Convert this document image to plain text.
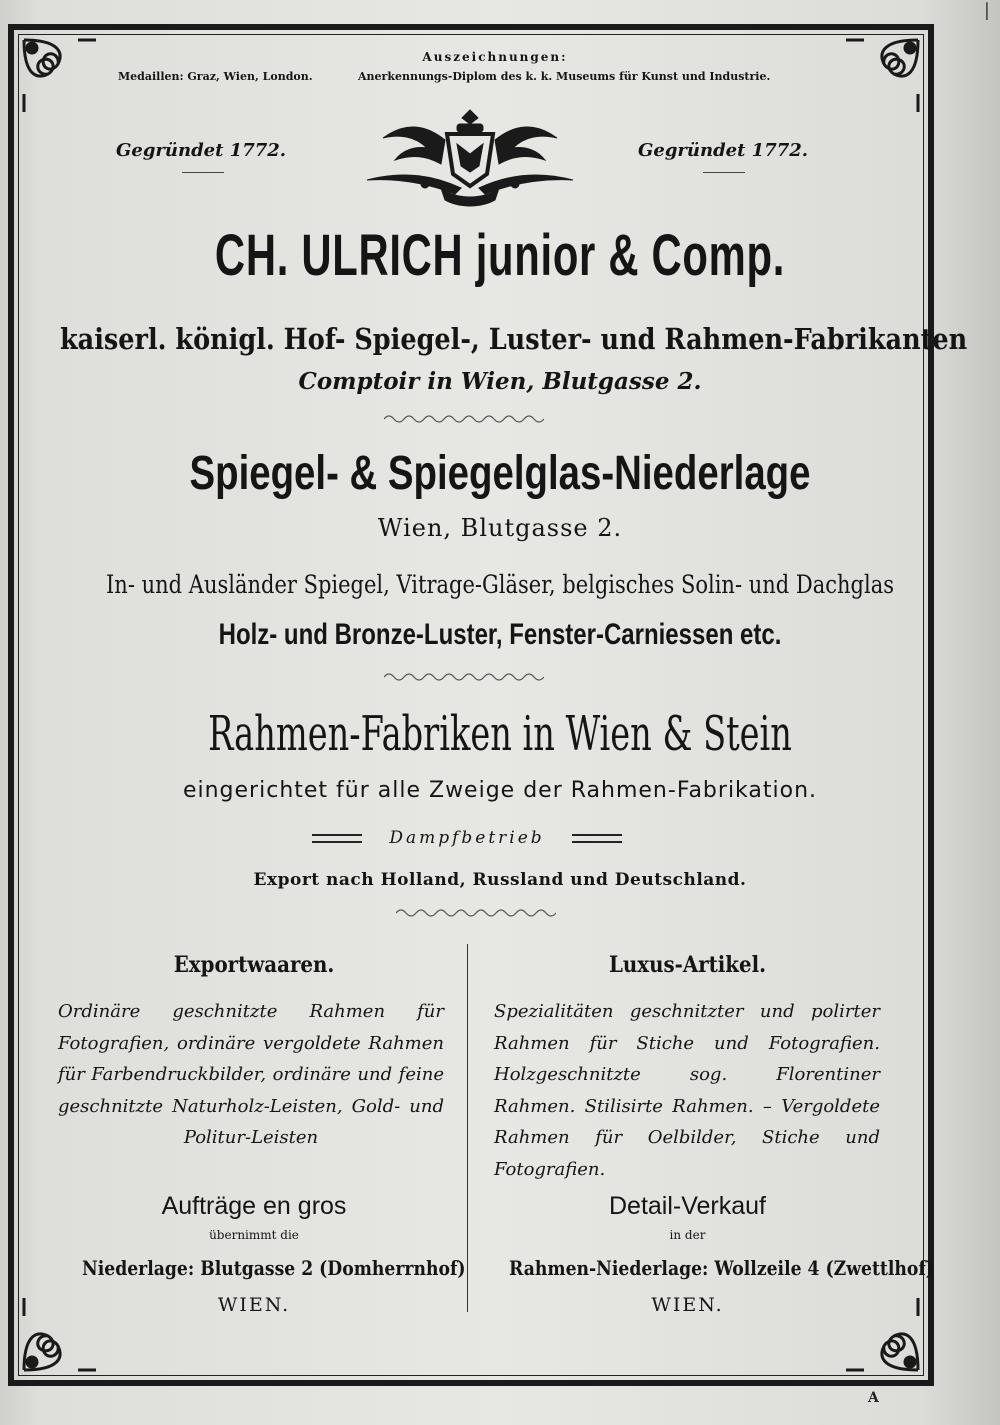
|
Auszeichnungen:
Medaillen: Graz, Wien, London.	Anerkennungs-Diplom des k. k. Museums für Kunst und Industrie.
Gegründet 1772.	Gegründet 1772.
CH. ULRICH junior & Comp.
kaiserl. königl. Hof- Spiegel-, Luster- und Rahmen-Fabrikanten
Comptoir in Wien, Blutgasse 2.
Spiegel- & Spiegelglas-Niederlage
Wien, Blutgasse 2.
In- und Ausländer Spiegel, Vitrage-Gläser, belgisches Solin- und Dachglas
Holz- und Bronze-Luster, Fenster-Carniessen etc.
Rahmen-Fabriken in Wien & Stein
eingerichtet für alle Zweige der Rahmen-Fabrikation.
Dampfbetrieb
Export nach Holland, Russland und Deutschland.
Exportwaaren.	Luxus-Artikel.
Ordinäre geschnitzte Rahmen für Fotografien, ordinäre vergoldete Rahmen für Farbendruckbilder, ordinäre und feine geschnitzte Naturholz-Leisten, Gold- und Politur-Leisten
Spezialitäten geschnitzter und polirter Rahmen für Stiche und Fotografien. Holzgeschnitzte sog. Florentiner Rahmen. Stilisirte Rahmen. – Vergoldete Rahmen für Oelbilder, Stiche und Fotografien.
Aufträge en gros	Detail-Verkauf
übernimmt die	in der
Niederlage: Blutgasse 2 (Domherrnhof) Rahmen-Niederlage: Wollzeile 4 (Zwettlhof)
WIEN.	WIEN.
A
